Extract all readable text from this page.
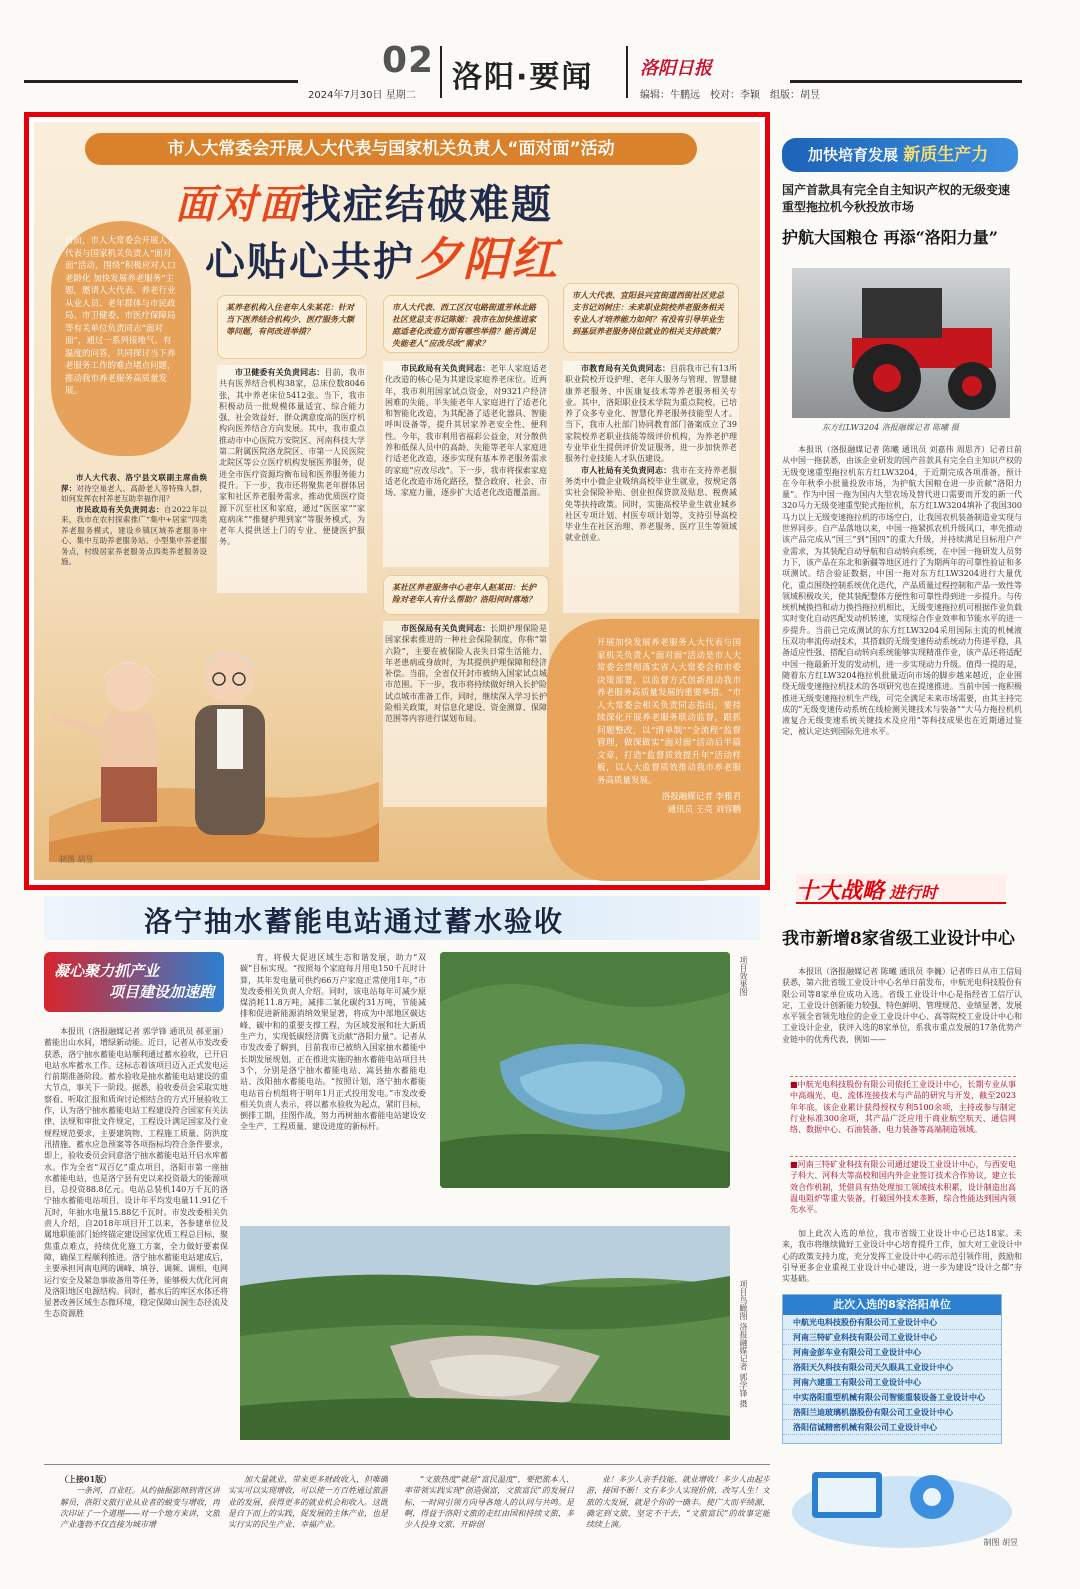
02
2024年7月30日 星期二
洛阳·要闻	洛阳日报
编辑：牛鹏远　校对：李颖　组版：胡昱
市人大常委会开展人大代表与国家机关负责人“面对面”活动
面对面找症结破难题
心贴心共护夕阳红
日前，市人大常委会开展人大代表与国家机关负责人“面对面”活动，围绕“积极应对人口老龄化 加快发展养老服务”主题，邀请人大代表、养老行业从业人员、老年群体与市民政局、市卫健委、市医疗保障局等有关单位负责同志“面对面”，通过一系列接地气、有温度的问答，共同探讨当下养老服务工作的难点堵点问题，推动我市养老服务高质量发展。
某养老机构入住老年人朱某花：针对当下医养结合机构少、医疗服务大额等问题，有何改进举措？

市卫健委有关负责同志：目前，我市共有医养结合机构38家，总床位数8046张，其中养老床位5412张。当下，我市积极动员一批规模体量适宜、综合能力强、社会效益好、群众满意度高的医疗机构向医养结合方向发展。其中，我市重点推动市中心医院万安院区、河南科技大学第二附属医院洛龙院区、市第一人民医院北院区等公立医疗机构发展医养服务，促进全市医疗资源均衡布局和医养服务能力提升。下一步，我市还将聚焦老年群体居家和社区养老服务需求，推动优质医疗资源下沉至社区和家庭，通过“医医家”“家庭病床”“推健护理到家”等服务模式，为老年人提供送上门的专业、便捷医护服务。

市人大代表、西工区汉屯路街道芳林北路社区党总支书记陈姬：我市在加快推进家庭适老化改造方面有哪些举措？能否满足失能老人“应改尽改”需求？

市民政局有关负责同志：老年人家庭适老化改造的核心是为其建设家庭养老床位。近两年，我市利用国家试点资金，对9321户经济困难的失能、半失能老年人家庭进行了适老化和智能化改造，为其配备了适老化器具、智能呼叫设备等，提升其居家养老安全性、便利性。今年，我市利用省福彩公益金，对分散供养和低保人员中的高龄、失能等老年人家庭进行适老化改造，逐步实现有基本养老服务需求的家庭“应改尽改”。下一步，我市将探索家庭适老化改造市场化路径，整合政府、社会、市场、家庭力量，逐步扩大适老化改造覆盖面。

某社区养老服务中心老年人赵某田：长护险对老年人有什么帮助？洛阳何时落地？

市医保局有关负责同志：长期护理保险是国家探索推进的一种社会保险制度，你称“第六险”，主要在被保险人丧失日常生活能力、年老患病或身故时，为其提供护理保障和经济补偿。当前，全省仅开封市被纳入国家试点城市范围。下一步，我市将持续做好纳入长护险试点城市准备工作，同时，继续深入学习长护险相关政策，对信息化建设、资金测算、保障范围等内容进行谋划布局。

市人大代表、宜阳县兴宜街道西街社区党总支书记刘树庄：未来职业院校养老服务相关专业人才培养能力如何？有没有引导毕业生到基层养老服务岗位就业的相关支持政策？

市教育局有关负责同志：目前我市已有13所职业院校开设护理、老年人服务与管理、智慧健康养老服务、中医康复技术等养老服务相关专业。其中，洛阳职业技术学院为重点院校，已培养了众多专业化、智慧化养老服务技能型人才。当下，我市人社部门协同教育部门备案成立了39家院校养老职业技能等级评价机构，为养老护理专业毕业生提供评价发证服务，进一步加快养老服务行业技能人才队伍建设。

市人社局有关负责同志：我市在支持养老服务类中小微企业吸纳高校毕业生就业，按规定落实社会保险补贴、创业担保贷款及贴息、税费减免等扶持政策。同时，实施高校毕业生就业城乡社区专项计划、村医专项计划等，支持引导高校毕业生在社区治理、养老服务、医疗卫生等领域就业创业。

市人大代表、洛宁县文联副主席曲焕萍：对待空巢老人、高龄老人等特殊人群，如何发挥农村养老互助幸福作用？

市民政局有关负责同志：自2022年以来，我市在农村探索推广“集中+居家”四类养老服务模式，建设乡镇区域养老服务中心、集中互助养老服务站、小型集中养老服务点，村级居家养老服务点四类养老服务设施。

开展加快发展养老服务人大代表与国家机关负责人“面对面”活动是市人大常委会贯彻落实省人大常委会和市委决策部署，以监督方式创新推动我市养老服务高质量发展的重要举措。“市人大常委会相关负责同志指出，要持续深化开展养老服务联动监督，跟抓问题整改，以“清单制”“全流程”监督管理，做深做实“面对面”活动后半篇文章，打造“监督质效提升年”活动样板，以人大监督质效推动我市养老服务高质量发展。
洛报融媒记者 李雅君
通讯员 王亮 刘容鹏
制图 胡昱
加快培育发展 新质生产力
国产首款具有完全自主知识产权的无级变速重型拖拉机今秋投放市场
护航大国粮仓 再添“洛阳力量”
东方红LW3204 洛报融媒记者 陈曦 摄
本报讯（洛报融媒记者 陈曦 通讯员 刘嘉伟 周思齐）记者日前从中国一拖获悉，由该企业研发的国产首款具有完全自主知识产权的无级变速重型拖拉机东方红LW3204，于近期完成各项准备，预计在今年秋季小批量投放市场，为护航大国粮仓进一步贡献“洛阳力量”。作为中国一拖为国内大型农场及替代进口需要而开发的新一代320马力无级变速重型轮式拖拉机，东方红LW3204填补了我国300马力以上无级变速拖拉机的市场空白，让我国农机装备制造业实现与世界同步。自产品落地以来，中国一拖紧抓农机升级风口，率先推动该产品完成从“国三”到“国四”的重大升级，并持续满足目标用户产业需求，为其装配自动导航和自动转向系统，在中国一拖研发人员努力下，该产品在东北和新疆等地区进行了为期两年的可靠性验证和多项测试。结合验证数据，中国一拖对东方红LW3204进行大量优化，重点围绕控制系统优化迭代，产品质量过程控制和产品一致性等领域积极攻关，使其装配整体方便性和可靠性得到进一步提升。与传统机械换挡和动力换挡拖拉机相比，无级变速拖拉机可根据作业负载实时变化自动匹配发动机转速，实现综合作业效率和节能水平的进一步提升。当前已完成测试的东方红LW3204采用国际主流的机械液压双功率流传动技术，其搭载的无级变速传动系统动力传递平稳，具备适应性强、搭配自动转向系统能够实现精准作业，该产品还将适配中国一拖最新开发的发动机，进一步实现动力升级。值得一提的是，随着东方红LW3204拖拉机批量迈向市场的脚步越来越近，企业围绕无级变速拖拉机技术的各项研究也在提速推进。当前中国一拖积极推进无级变速拖拉机生产线，可完全满足未来市场需要，由其主持完成的“无级变速传动系统在线检测关键技术与装备”“大马力拖拉机机液复合无级变速系统关键技术及应用”等科技成果也在近期通过鉴定，被认定达到国际先进水平。
十大战略 进行时
我市新增8家省级工业设计中心
本报讯（洛报融媒记者 陈曦 通讯员 李巍）记者昨日从市工信局获悉，第六批省级工业设计中心名单日前发布，中航光电科技股份有限公司等8家单位成功入选。省级工业设计中心是指经省工信厅认定，工业设计创新能力较强、特色鲜明、管理规范、业绩显著、发展水平领全省领先地位的企业工业设计中心、高等院校工业设计中心和工业设计企业，获评入选的8家单位，系我市重点发展的17条优势产业链中的优秀代表，例如——
■中航光电科技股份有限公司依托工业设计中心，长期专业从事中高端光、电、流体连接技术与产品的研究与开发，截至2023年年底，该企业累计获得授权专利5100余项，主持或参与制定行业标准300余项，其产品广泛应用于商业航空航天、通信网络、数据中心、石油装备、电力装备等高端制造领域。
■河南三特矿业科技有限公司通过建设工业设计中心，与西安电子科大、河科大等高校和国内外企业签订技术合作协议，建立长效合作机制，凭借具有热处理加工领域技术积累，设计制造出高温电阻炉等重大装备，打破国外技术垄断，综合性能达到国内领先水平。
加上此次入选的单位，我市省级工业设计中心已达18家。未来，我市将继续做好工业设计中心培育提升工作，加大对工业设计中心的政策支持力度，充分发挥工业设计中心的示范引领作用，鼓励和引导更多企业重视工业设计中心建设，进一步为建设“设计之都”夯实基础。
此次入选的8家洛阳单位
中航光电科技股份有限公司工业设计中心
河南三特矿业科技有限公司工业设计中心
河南金彭车业有限公司工业设计中心
洛阳天久科技有限公司天久眼具工业设计中心
河南六建重工有限公司工业设计中心
中实洛阳重型机械有限公司智能重装设备工业设计中心
洛阳兰迪玻璃机器股份有限公司工业设计中心
洛阳信诚精密机械有限公司工业设计中心
制图 胡昱
洛宁抽水蓄能电站通过蓄水验收
凝心聚力抓产业
项目建设加速跑
本报讯（洛报融媒记者 郭学锋 通讯员 郝亚丽）蓄能出山水间，增绿新动能。近日，记者从市发改委获悉，洛宁抽水蓄能电站顺利通过蓄水验收，已开启电站水库蓄水工作。这标志着该项目迈入正式发电运行前期准备阶段。蓄水验收是抽水蓄能电站建设的重大节点，事关下一阶段。据悉，验收委员会采取实地察看、听取汇报和质询讨论相结合的方式开展验收工作，认为洛宁抽水蓄能电站工程建设符合国家有关法律、法规和审批文件规定，工程设计满足国家及行业规程规范要求，主要建筑物、工程施工质量、防洪度汛措施、蓄水应急预案等各项指标均符合条件要求，即上，验收委员会同意洛宁抽水蓄能电站开启水库蓄水。作为全省“双百亿”重点项目，洛阳市第一座抽水蓄能电站，也是洛宁县有史以来投资最大的能源项目，总投资88.8亿元。电站总装机140万千瓦的洛宁抽水蓄能电站项目，设计年平均发电量11.91亿千瓦时，年抽水电量15.88亿千瓦时。市发改委相关负责人介绍，自2018年项目开工以来，各参建单位及属地职能部门始终锚定建设国家优质工程总目标，聚焦重点难点，持续优化施工方案，全力做好要素保障，确保工程顺利推进。洛宁抽水蓄能电站建成后，主要承担河南电网的调峰、填谷、调频、调相、电网运行安全及紧急事故备用等任务，能够极大优化河南及洛阳地区电源结构。同时，蓄水后的库区水体还将显著改善区域生态微环境，稳定保障山洞生态径流及生态资源胜
育，将极大促进区域生态和谐发展，助力“双碳”目标实现。“按照每个家庭每月用电150千瓦时计算，其年发电量可供约66万户家庭正常使用1年，”市发改委相关负责人介绍。同时，该电站每年可减少原煤消耗11.8万吨，减排二氧化碳约31万吨，节能减排和促进新能源消纳效果显著，将成为中部地区碳达峰、碳中和的重要支撑工程，为区域发展和壮大新质生产力，实现低碳经济腾飞贡献“洛阳力量”。记者从市发改委了解到，目前我市已被纳入国家抽水蓄能中长期发展规划，正在推进实施的抽水蓄能电站项目共3个，分别是洛宁抽水蓄能电站、嵩县抽水蓄能电站、汝阳抽水蓄能电站。“按照计划，洛宁抽水蓄能电站首台机组将于明年1月正式投用发电。”市发改委相关负责人表示，将以蓄水验收为起点，紧盯目标，倒排工期，挂图作战，努力再树抽水蓄能电站建设安全生产、工程质量、建设进度的新标杆。
项目效果图
项目鸟瞰图 洛报融媒记者 郭学锋 摄
（上接01版）
一条河，百业旺。从约抽掘影师到背区讲解员，洛阳文旅行业从业者的蜕变与增收，再次印证了一个道理——对一个地方来讲，文旅产业蓬勃不仅直接为城市增
加大量就业、带来更多财政收入，但唯确实实可以实现增收，可以使一方百姓通过旅游业的发展，获得更多的就业机会和收入。这既是自下而上的实践，促发展的主体产业，也是实行实的民生产业、幸福产业。
“文旅热度”就是“富民温度”，要把旅本人、率带领实践实现“创造强富，文旅富民”的发展目标，一时间引领方向导各地人的认同与共鸣。是啊，得益于洛阳文旅的走红由国和持续文旅，多少人投身文旅、开辟创
业！多少人亲手技能、就业增收！多少人由起步游，接国不断！文有多少人实现价值，改写人生！文旅的大发展，就是个你的一确丰。使广大而平绩源，确定到文旅，坚定不干去，“文旅富民”的故事定能续续上演。
